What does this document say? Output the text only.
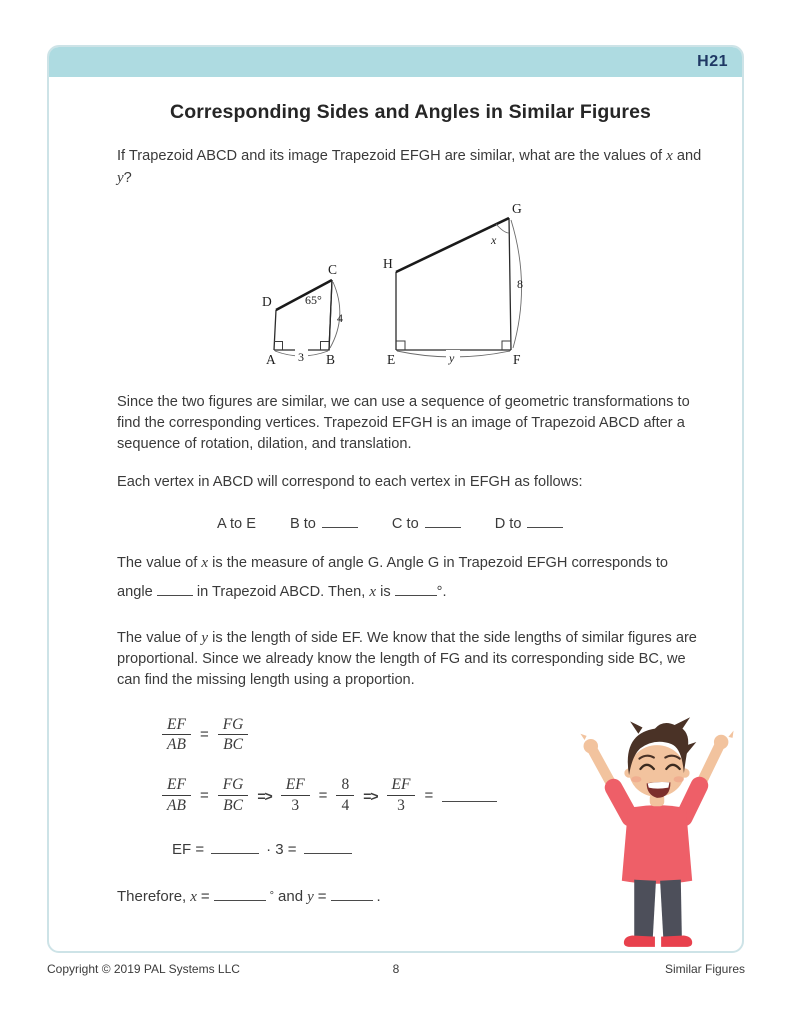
H21
Corresponding Sides and Angles in Similar Figures

If Trapezoid ABCD and its image Trapezoid EFGH are similar, what are the values of x and y?

A	B
C
D	65°
4
3	E	F
G
H
x
8
y

Since the two figures are similar, we can use a sequence of geometric transformations to find the corresponding vertices. Trapezoid EFGH is an image of Trapezoid ABCD after a sequence of rotation, dilation, and translation.

Each vertex in ABCD will correspond to each vertex in EFGH as follows:

A to E B to	C to	D to

The value of x is the measure of angle G. Angle G in Trapezoid EFGH corresponds to angle  in Trapezoid ABCD. Then, x is	°.

The value of y is the length of side EF. We know that the side lengths of similar figures are proportional. Since we already know the length of FG and its corresponding side BC, we can find the missing length using a proportion.

$\frac{EF}{AB} = \frac{FG}{BC}$
$\frac{EF}{AB} = \frac{FG}{BC} => \frac{EF}{3} = \frac{8}{4} => \frac{EF}{3}$ =
EF =	· 3 =
Therefore, x =	° and y =	.
Copyright © 2019 PAL Systems LLC	8	Similar Figures
